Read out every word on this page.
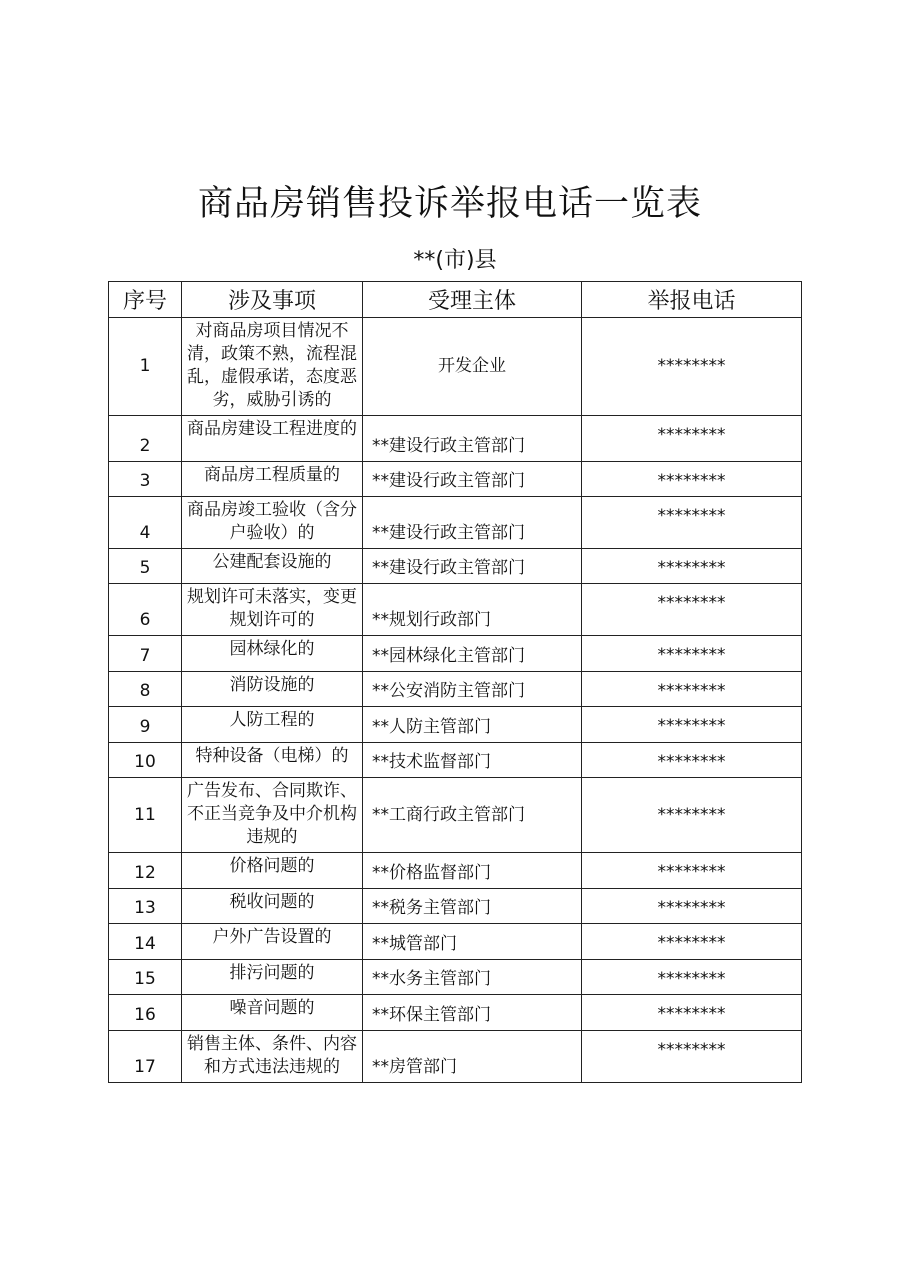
商品房销售投诉举报电话一览表
**(市)县
序号	涉及事项	受理主体	举报电话
1	对商品房项目情况不清，政策不熟，流程混乱，虚假承诺，态度恶劣，威胁引诱的	开发企业	********
2	商品房建设工程进度的	**建设行政主管部门	********
3	商品房工程质量的	**建设行政主管部门	********
4	商品房竣工验收（含分户验收）的	**建设行政主管部门	********
5	公建配套设施的	**建设行政主管部门	********
6	规划许可未落实，变更规划许可的	**规划行政部门	********
7	园林绿化的	**园林绿化主管部门	********
8	消防设施的	**公安消防主管部门	********
9	人防工程的	**人防主管部门	********
10	特种设备（电梯）的	**技术监督部门	********
11	广告发布、合同欺诈、不正当竞争及中介机构违规的	**工商行政主管部门	********
12	价格问题的	**价格监督部门	********
13	税收问题的	**税务主管部门	********
14	户外广告设置的	**城管部门	********
15	排污问题的	**水务主管部门	********
16	噪音问题的	**环保主管部门	********
17	销售主体、条件、内容和方式违法违规的	**房管部门	********
